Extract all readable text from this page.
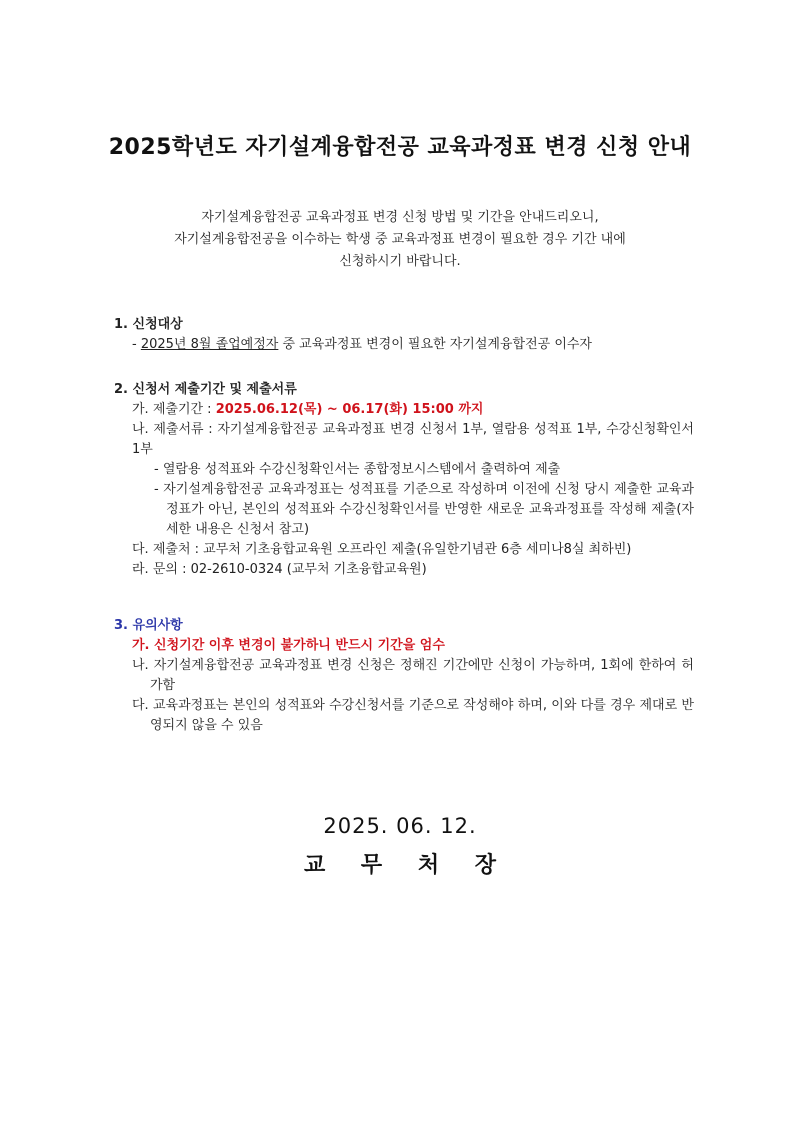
2025학년도 자기설계융합전공 교육과정표 변경 신청 안내
자기설계융합전공 교육과정표 변경 신청 방법 및 기간을 안내드리오니,
자기설계융합전공을 이수하는 학생 중 교육과정표 변경이 필요한 경우 기간 내에
신청하시기 바랍니다.
1. 신청대상
- 2025년 8월 졸업예정자 중 교육과정표 변경이 필요한 자기설계융합전공 이수자
2. 신청서 제출기간 및 제출서류
가. 제출기간 : 2025.06.12(목) ~ 06.17(화) 15:00 까지
나. 제출서류 : 자기설계융합전공 교육과정표 변경 신청서 1부, 열람용 성적표 1부, 수강신청확인서 1부
- 열람용 성적표와 수강신청확인서는 종합정보시스템에서 출력하여 제출
- 자기설계융합전공 교육과정표는 성적표를 기준으로 작성하며 이전에 신청 당시 제출한 교육과정표가 아닌, 본인의 성적표와 수강신청확인서를 반영한 새로운 교육과정표를 작성해 제출(자세한 내용은 신청서 참고)
다. 제출처 : 교무처 기초융합교육원 오프라인 제출(유일한기념관 6층 세미나8실 최하빈)
라. 문의 : 02-2610-0324 (교무처 기초융합교육원)
3. 유의사항
가. 신청기간 이후 변경이 불가하니 반드시 기간을 엄수
나. 자기설계융합전공 교육과정표 변경 신청은 정해진 기간에만 신청이 가능하며, 1회에 한하여 허가함
다. 교육과정표는 본인의 성적표와 수강신청서를 기준으로 작성해야 하며, 이와 다를 경우 제대로 반영되지 않을 수 있음
2025. 06. 12.
교 무 처 장
